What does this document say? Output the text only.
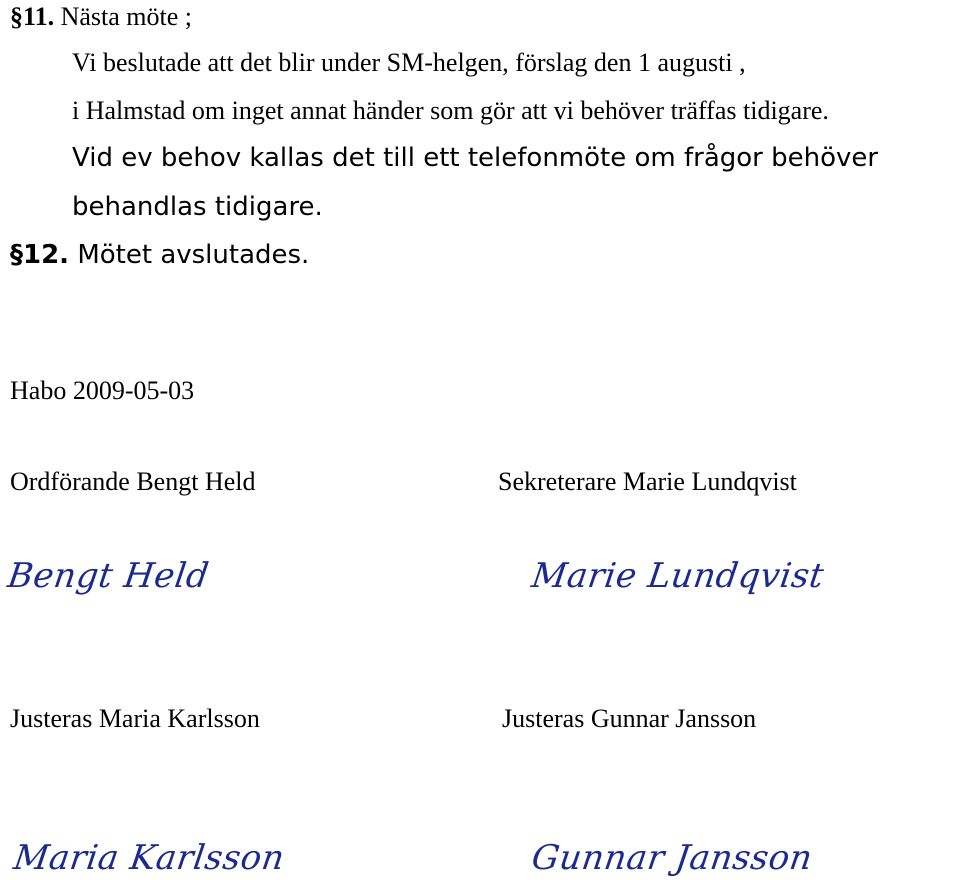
§11. Nästa möte ;
Vi beslutade att det blir under SM-helgen, förslag den 1 augusti ,
i Halmstad om inget annat händer som gör att vi behöver träffas tidigare.
Vid ev behov kallas det till ett telefonmöte om frågor behöver
behandlas tidigare.
§12. Mötet avslutades.
Habo 2009-05-03
Ordförande Bengt Held	Sekreterare Marie Lundqvist
Bengt Held	Marie Lundqvist
Justeras Maria Karlsson	Justeras Gunnar Jansson
Maria Karlsson	Gunnar Jansson
